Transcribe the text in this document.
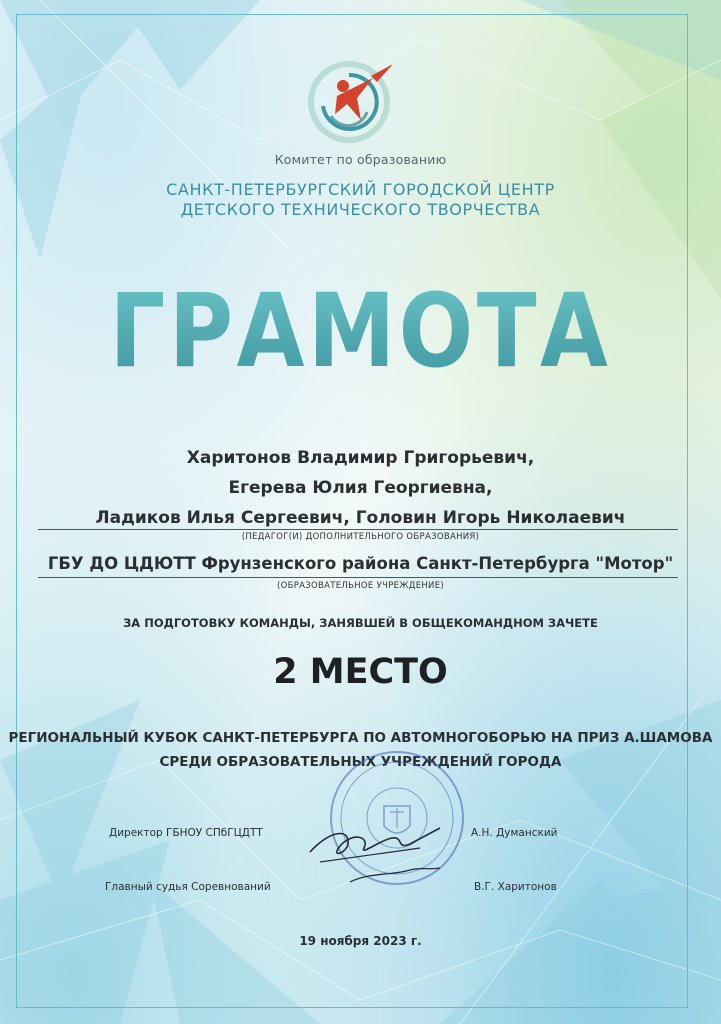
Комитет по образованию
САНКТ-ПЕТЕРБУРГСКИЙ ГОРОДСКОЙ ЦЕНТР
ДЕТСКОГО ТЕХНИЧЕСКОГО ТВОРЧЕСТВА
ГРАМОТА
Харитонов Владимир Григорьевич,
Егерева Юлия Георгиевна,
Ладиков Илья Сергеевич, Головин Игорь Николаевич
(ПЕДАГОГ(И) ДОПОЛНИТЕЛЬНОГО ОБРАЗОВАНИЯ)
ГБУ ДО ЦДЮТТ Фрунзенского района Санкт-Петербурга "Мотор"
(ОБРАЗОВАТЕЛЬНОЕ УЧРЕЖДЕНИЕ)
ЗА ПОДГОТОВКУ КОМАНДЫ, ЗАНЯВШЕЙ В ОБЩЕКОМАНДНОМ ЗАЧЕТЕ
2 МЕСТО
РЕГИОНАЛЬНЫЙ КУБОК САНКТ-ПЕТЕРБУРГА ПО АВТОМНОГОБОРЬЮ НА ПРИЗ А.ШАМОВА
СРЕДИ ОБРАЗОВАТЕЛЬНЫХ УЧРЕЖДЕНИЙ ГОРОДА
Директор ГБНОУ СПбГЦДТТ	А.Н. Думанский
Главный судья Соревнований	В.Г. Харитонов
19 ноября 2023 г.
